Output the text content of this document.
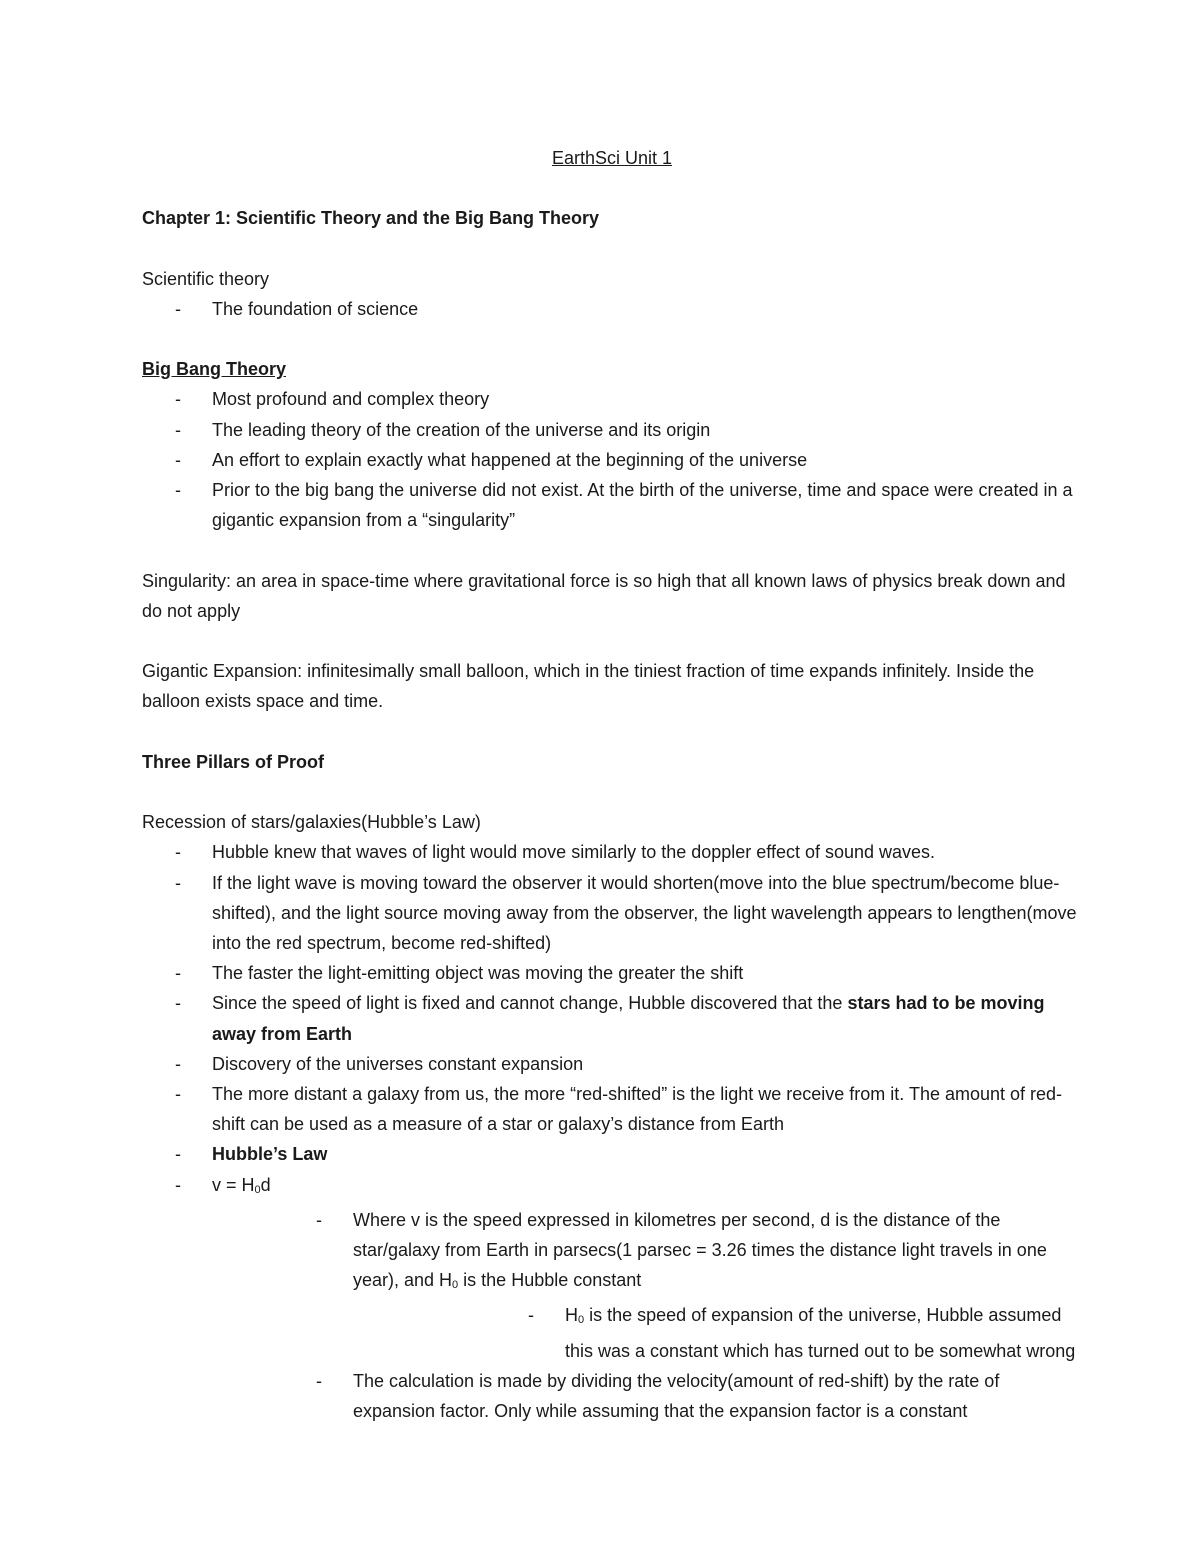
EarthSci Unit 1

Chapter 1: Scientific Theory and the Big Bang Theory

Scientific theory

- The foundation of science

Big Bang Theory

- Most profound and complex theory
- The leading theory of the creation of the universe and its origin
- An effort to explain exactly what happened at the beginning of the universe
- Prior to the big bang the universe did not exist. At the birth of the universe, time and space were created in a gigantic expansion from a “singularity”

Singularity: an area in space-time where gravitational force is so high that all known laws of physics break down and do not apply

Gigantic Expansion: infinitesimally small balloon, which in the tiniest fraction of time expands infinitely. Inside the balloon exists space and time.

Three Pillars of Proof

Recession of stars/galaxies(Hubble’s Law)

- Hubble knew that waves of light would move similarly to the doppler effect of sound waves.
- If the light wave is moving toward the observer it would shorten(move into the blue spectrum/become blue-shifted), and the light source moving away from the observer, the light wavelength appears to lengthen(move into the red spectrum, become red-shifted)
- The faster the light-emitting object was moving the greater the shift
- Since the speed of light is fixed and cannot change, Hubble discovered that the stars had to be moving away from Earth
- Discovery of the universes constant expansion
- The more distant a galaxy from us, the more “red-shifted” is the light we receive from it. The amount of red-shift can be used as a measure of a star or galaxy’s distance from Earth
- Hubble’s Law
- $v = H_0d$
- Where v is the speed expressed in kilometres per second, d is the distance of the star/galaxy from Earth in parsecs(1 parsec = 3.26 times the distance light travels in one year), and $H_0$ is the Hubble constant
- $H_0$ is the speed of expansion of the universe, Hubble assumed this was a constant which has turned out to be somewhat wrong
- The calculation is made by dividing the velocity(amount of red-shift) by the rate of expansion factor. Only while assuming that the expansion factor is a constant
